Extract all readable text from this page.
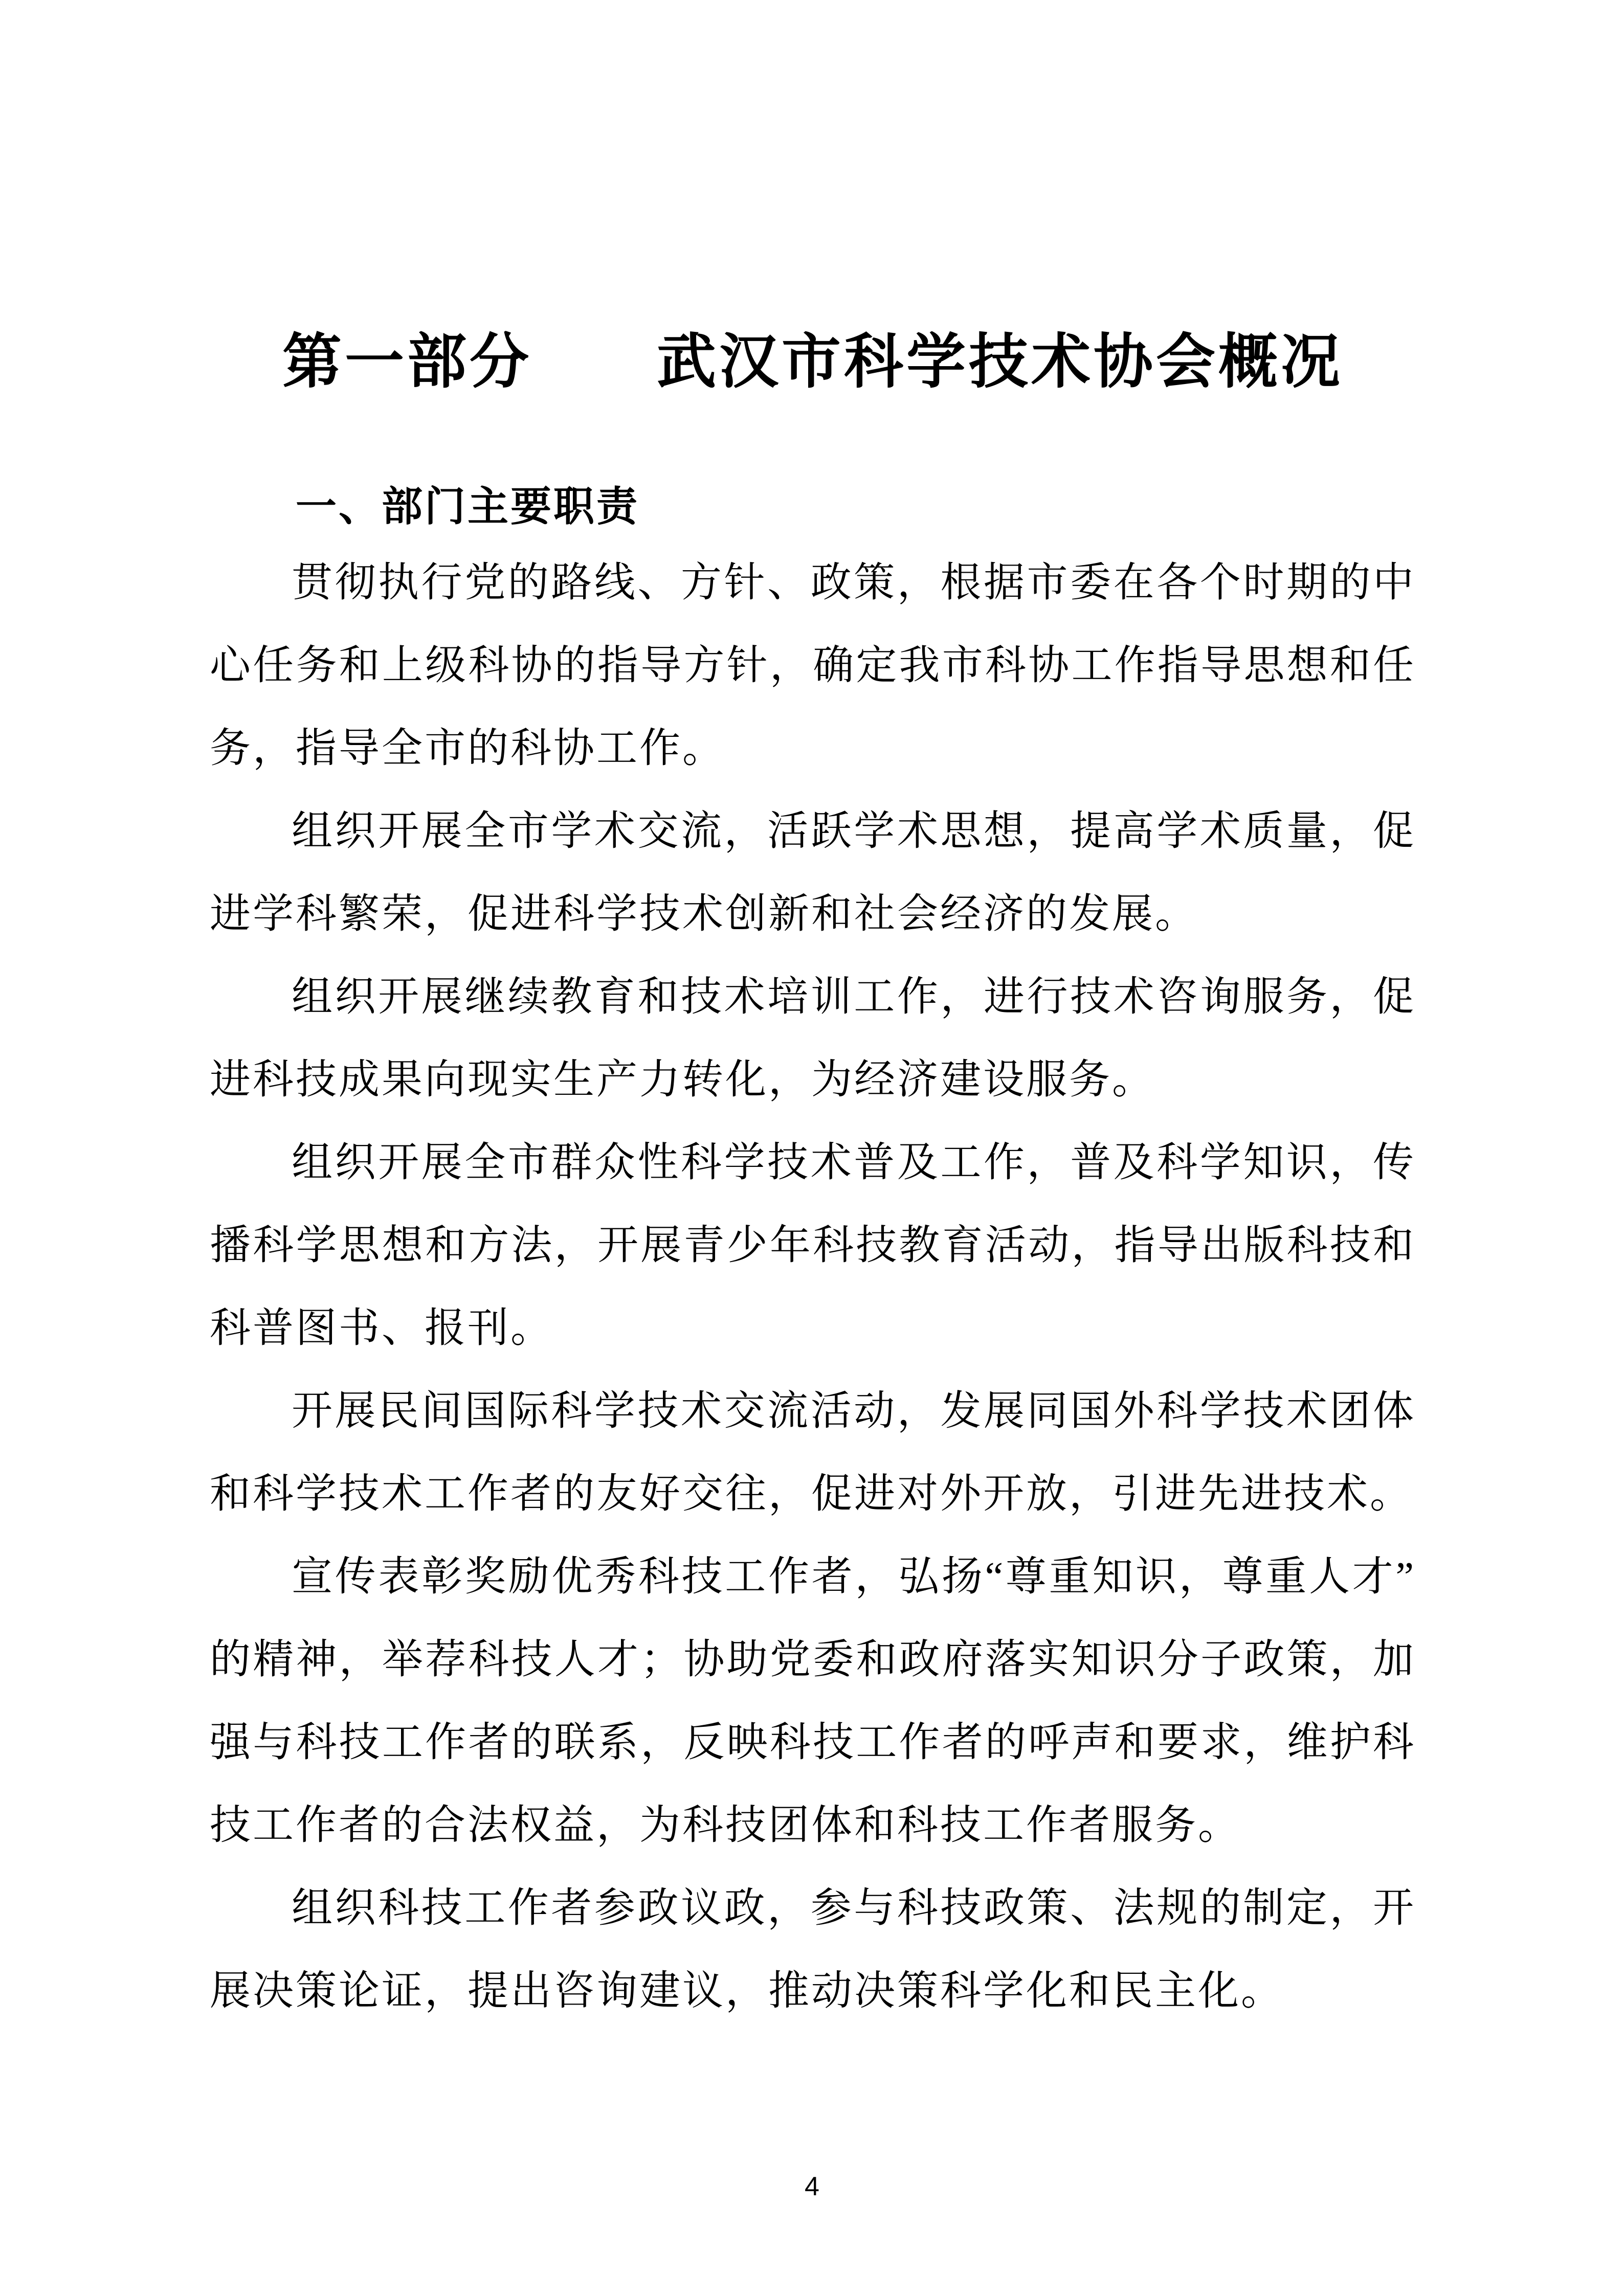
第一部分　　武汉市科学技术协会概况
一、部门主要职责

贯彻执行党的路线、方针、政策，根据市委在各个时期的中心任务和上级科协的指导方针，确定我市科协工作指导思想和任务，指导全市的科协工作。

组织开展全市学术交流，活跃学术思想，提高学术质量，促进学科繁荣，促进科学技术创新和社会经济的发展。

组织开展继续教育和技术培训工作，进行技术咨询服务，促进科技成果向现实生产力转化，为经济建设服务。

组织开展全市群众性科学技术普及工作，普及科学知识，传播科学思想和方法，开展青少年科技教育活动，指导出版科技和科普图书、报刊。

开展民间国际科学技术交流活动，发展同国外科学技术团体和科学技术工作者的友好交往，促进对外开放，引进先进技术。

宣传表彰奖励优秀科技工作者，弘扬“尊重知识，尊重人才”的精神，举荐科技人才；协助党委和政府落实知识分子政策，加强与科技工作者的联系，反映科技工作者的呼声和要求，维护科技工作者的合法权益，为科技团体和科技工作者服务。

组织科技工作者参政议政，参与科技政策、法规的制定，开展决策论证，提出咨询建议，推动决策科学化和民主化。

4
